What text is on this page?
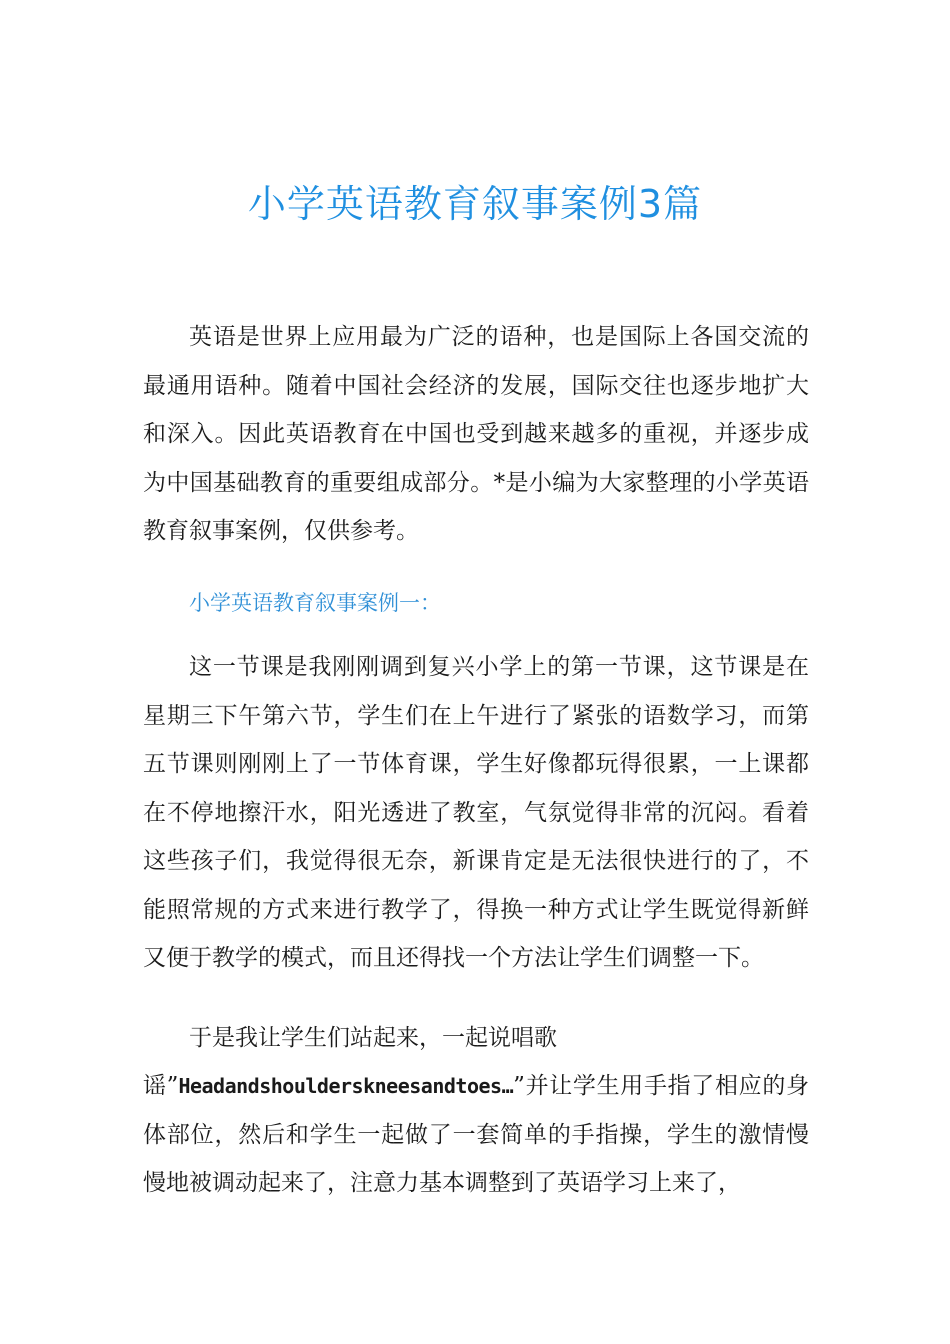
小学英语教育叙事案例3篇

英语是世界上应用最为广泛的语种，也是国际上各国交流的最通用语种。随着中国社会经济的发展，国际交往也逐步地扩大和深入。因此英语教育在中国也受到越来越多的重视，并逐步成为中国基础教育的重要组成部分。*是小编为大家整理的小学英语教育叙事案例，仅供参考。

小学英语教育叙事案例一：

这一节课是我刚刚调到复兴小学上的第一节课，这节课是在星期三下午第六节，学生们在上午进行了紧张的语数学习，而第五节课则刚刚上了一节体育课，学生好像都玩得很累，一上课都在不停地擦汗水，阳光透进了教室，气氛觉得非常的沉闷。看着这些孩子们，我觉得很无奈，新课肯定是无法很快进行的了，不能照常规的方式来进行教学了，得换一种方式让学生既觉得新鲜又便于教学的模式，而且还得找一个方法让学生们调整一下。

于是我让学生们站起来，一起说唱歌

谣”Headandshoulderskneesandtoes…”并让学生用手指了相应的身体部位，然后和学生一起做了一套简单的手指操，学生的激情慢慢地被调动起来了，注意力基本调整到了英语学习上来了，
